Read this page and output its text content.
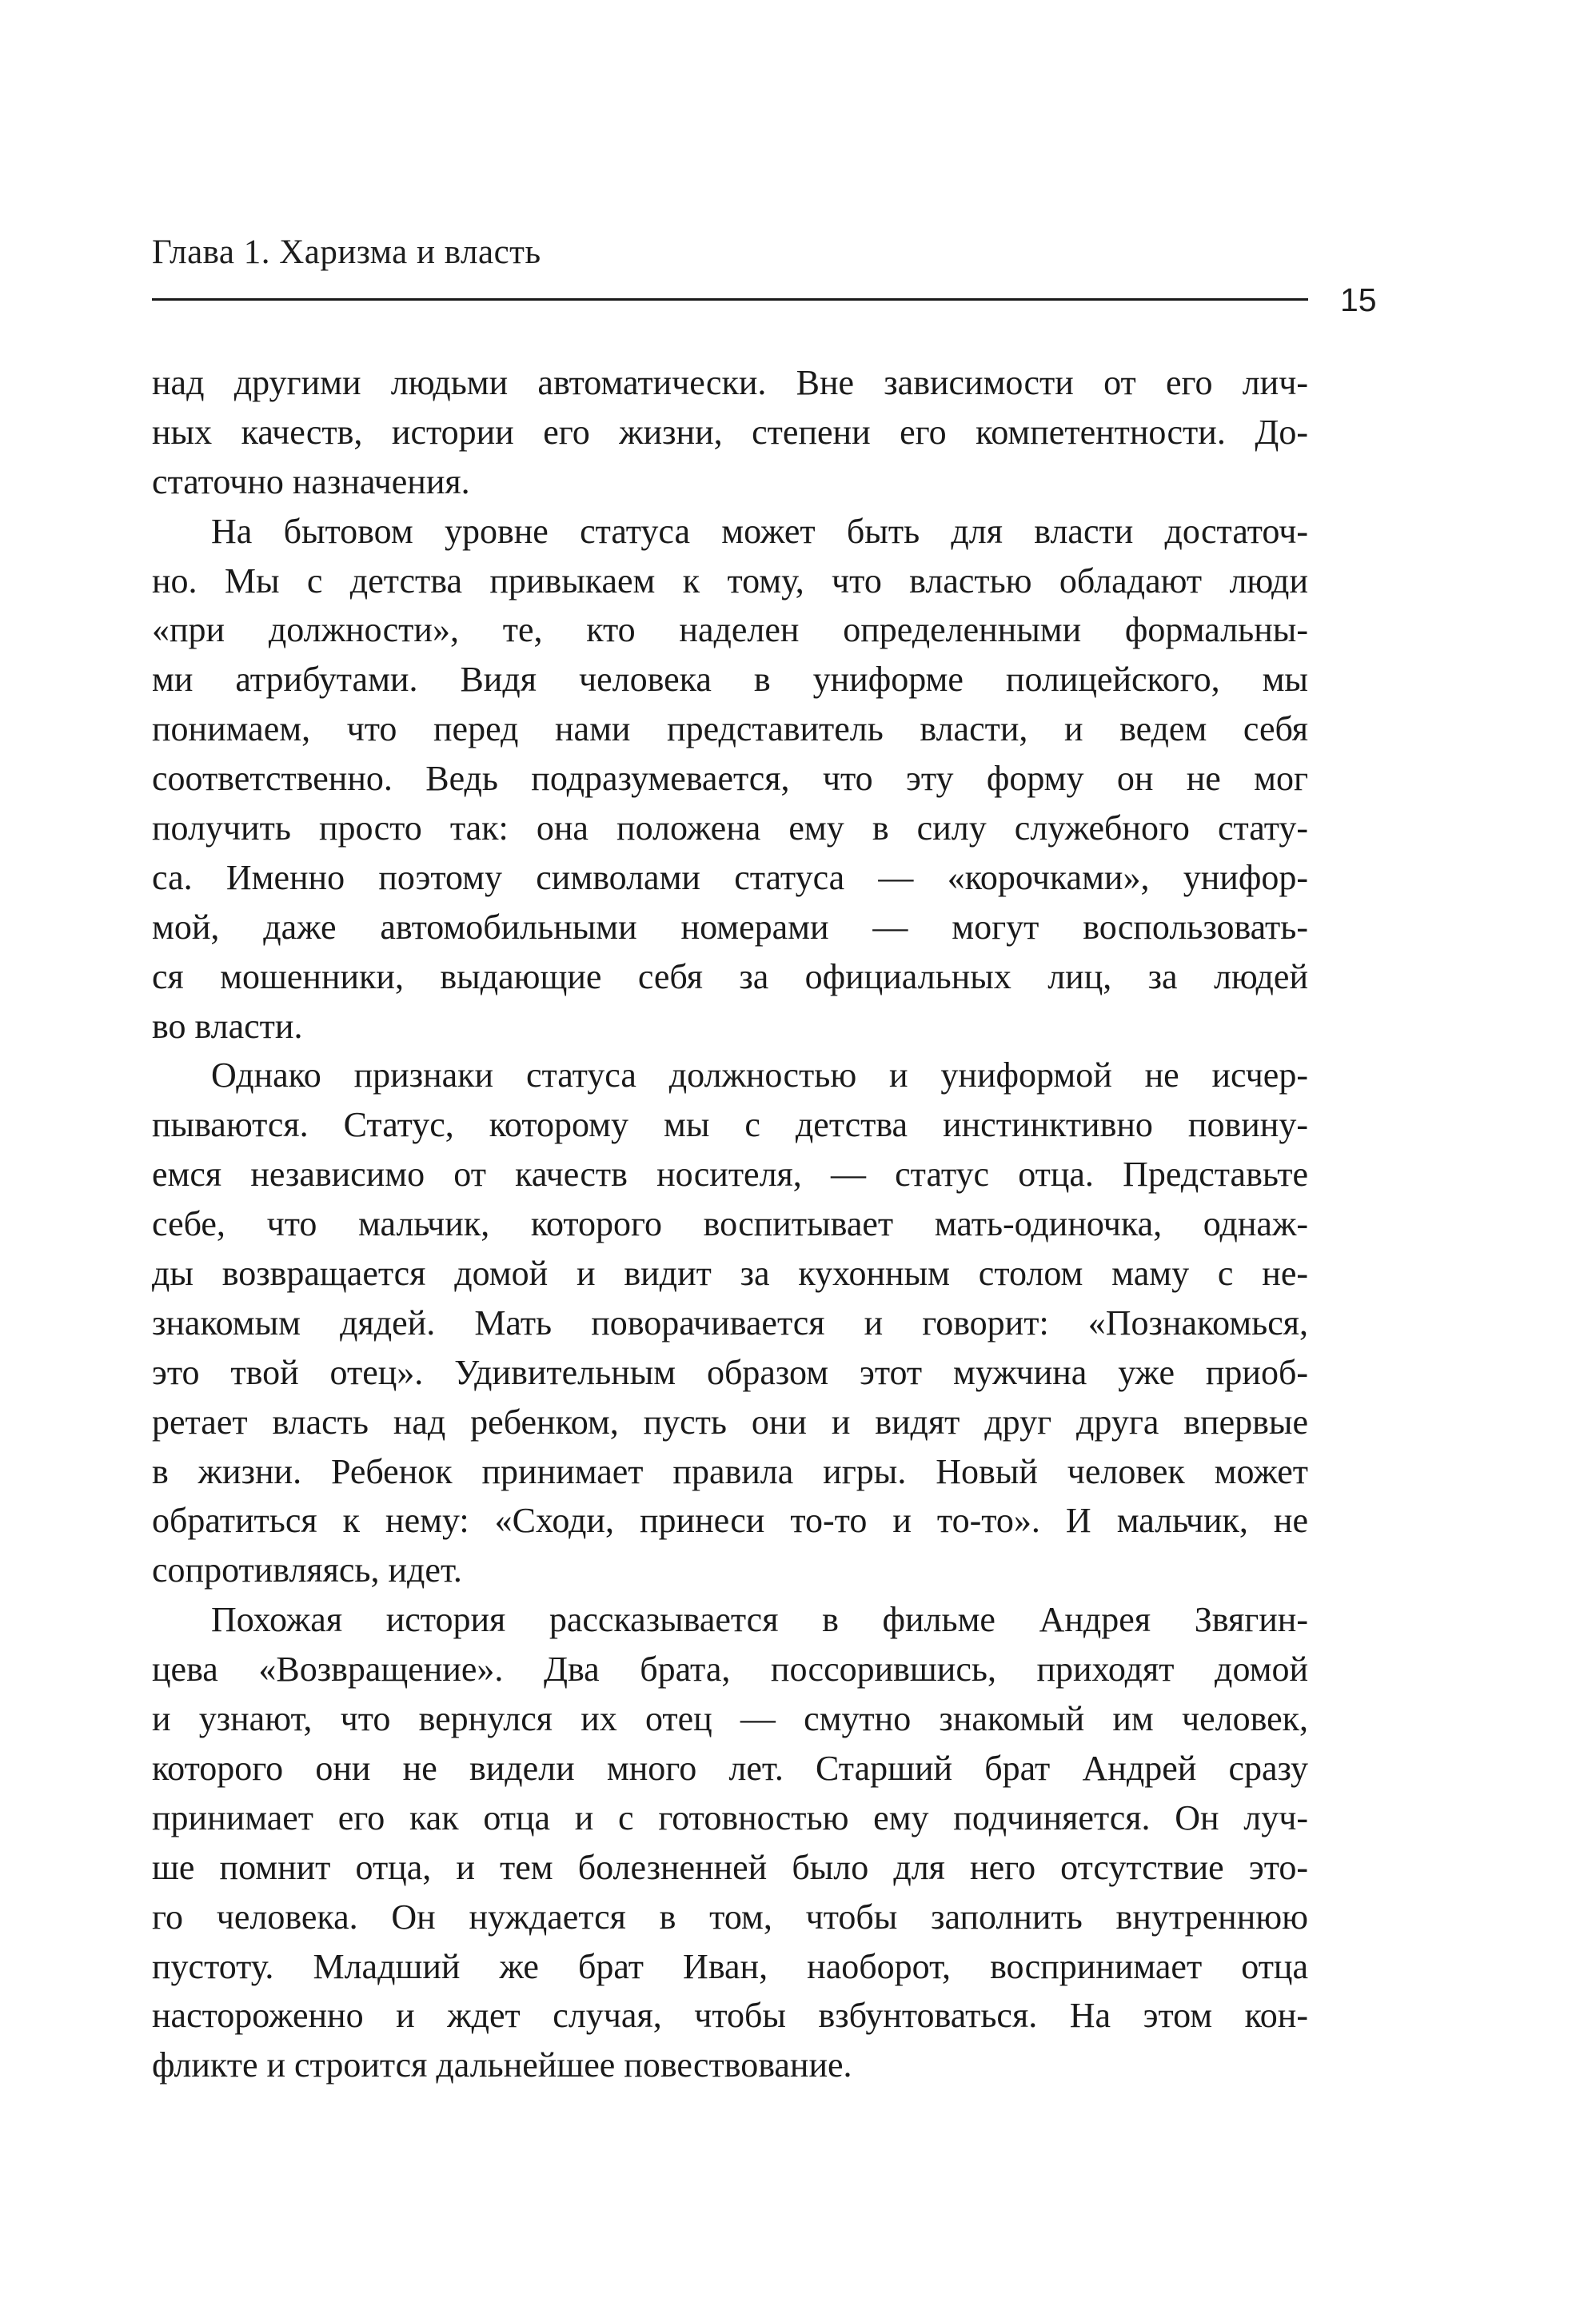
Глава 1. Харизма и власть
15
над другими людьми автоматически. Вне зависимости от его лич-
ных качеств, истории его жизни, степени его компетентности. До-
статочно назначения.
На бытовом уровне статуса может быть для власти достаточ-
но. Мы с детства привыкаем к тому, что властью обладают люди
«при должности», те, кто наделен определенными формальны-
ми атрибутами. Видя человека в униформе полицейского, мы
понимаем, что перед нами представитель власти, и ведем себя
соответственно. Ведь подразумевается, что эту форму он не мог
получить просто так: она положена ему в силу служебного стату-
са. Именно поэтому символами статуса — «корочками», унифор-
мой, даже автомобильными номерами — могут воспользовать-
ся мошенники, выдающие себя за официальных лиц, за людей
во власти.
Однако признаки статуса должностью и униформой не исчер-
пываются. Статус, которому мы с детства инстинктивно повину-
емся независимо от качеств носителя, — статус отца. Представьте
себе, что мальчик, которого воспитывает мать-одиночка, однаж-
ды возвращается домой и видит за кухонным столом маму с не-
знакомым дядей. Мать поворачивается и говорит: «Познакомься,
это твой отец». Удивительным образом этот мужчина уже приоб-
ретает власть над ребенком, пусть они и видят друг друга впервые
в жизни. Ребенок принимает правила игры. Новый человек может
обратиться к нему: «Сходи, принеси то-то и то-то». И мальчик, не
сопротивляясь, идет.
Похожая история рассказывается в фильме Андрея Звягин-
цева «Возвращение». Два брата, поссорившись, приходят домой
и узнают, что вернулся их отец — смутно знакомый им человек,
которого они не видели много лет. Старший брат Андрей сразу
принимает его как отца и с готовностью ему подчиняется. Он луч-
ше помнит отца, и тем болезненней было для него отсутствие это-
го человека. Он нуждается в том, чтобы заполнить внутреннюю
пустоту. Младший же брат Иван, наоборот, воспринимает отца
настороженно и ждет случая, чтобы взбунтоваться. На этом кон-
фликте и строится дальнейшее повествование.
